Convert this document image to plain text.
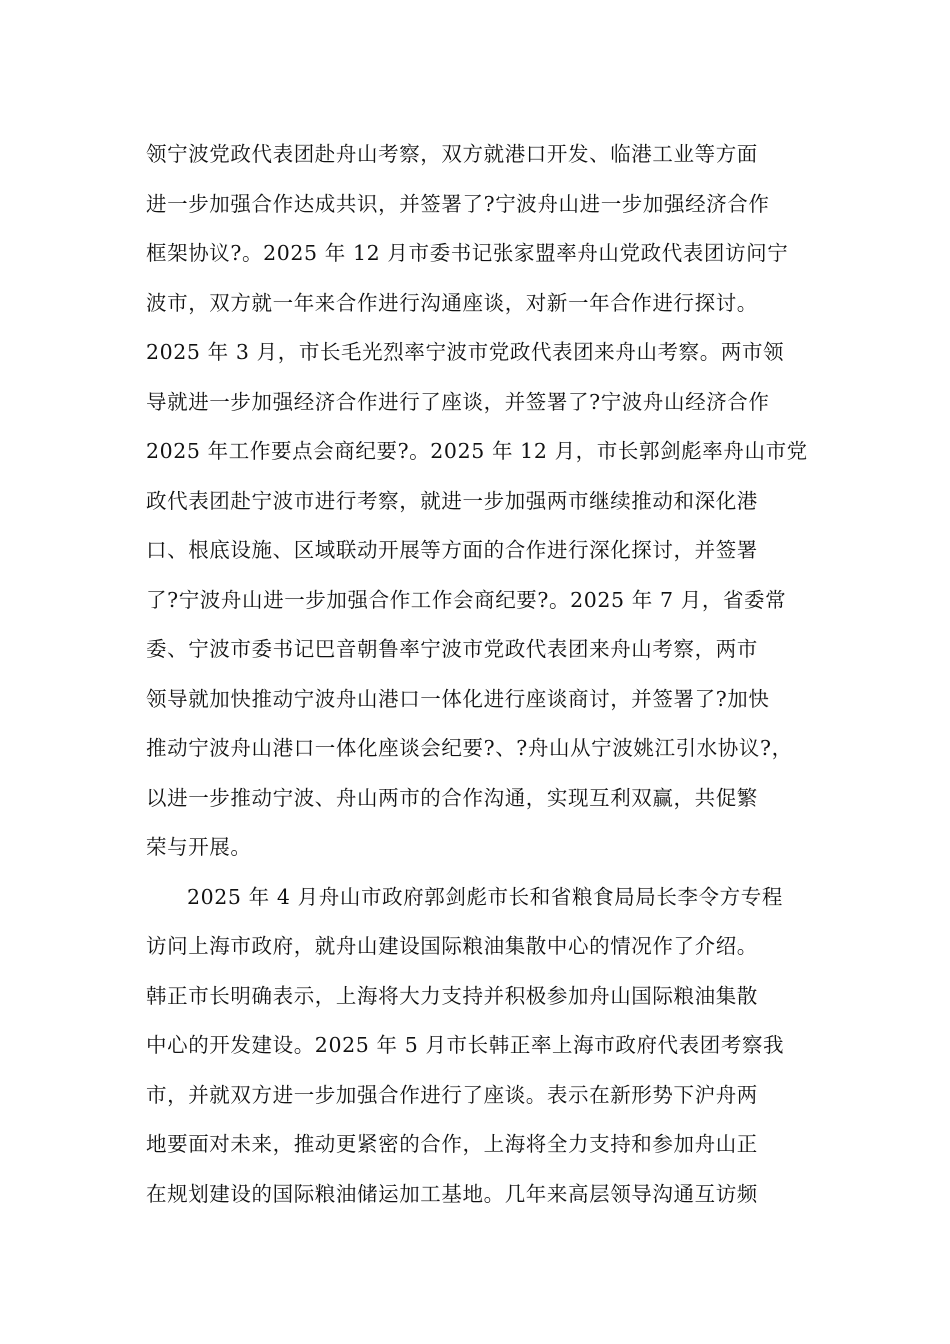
领宁波党政代表团赴舟山考察，双方就港口开发、临港工业等方面
进一步加强合作达成共识，并签署了?宁波舟山进一步加强经济合作
框架协议?。2025 年 12 月市委书记张家盟率舟山党政代表团访问宁
波市，双方就一年来合作进行沟通座谈，对新一年合作进行探讨。
2025 年 3 月，市长毛光烈率宁波市党政代表团来舟山考察。两市领
导就进一步加强经济合作进行了座谈，并签署了?宁波舟山经济合作
2025 年工作要点会商纪要?。2025 年 12 月，市长郭剑彪率舟山市党
政代表团赴宁波市进行考察，就进一步加强两市继续推动和深化港
口、根底设施、区域联动开展等方面的合作进行深化探讨，并签署
了?宁波舟山进一步加强合作工作会商纪要?。2025 年 7 月，省委常
委、宁波市委书记巴音朝鲁率宁波市党政代表团来舟山考察，两市
领导就加快推动宁波舟山港口一体化进行座谈商讨，并签署了?加快
推动宁波舟山港口一体化座谈会纪要?、?舟山从宁波姚江引水协议?，
以进一步推动宁波、舟山两市的合作沟通，实现互利双赢，共促繁
荣与开展。
2025 年 4 月舟山市政府郭剑彪市长和省粮食局局长李令方专程
访问上海市政府，就舟山建设国际粮油集散中心的情况作了介绍。
韩正市长明确表示，上海将大力支持并积极参加舟山国际粮油集散
中心的开发建设。2025 年 5 月市长韩正率上海市政府代表团考察我
市，并就双方进一步加强合作进行了座谈。表示在新形势下沪舟两
地要面对未来，推动更紧密的合作，上海将全力支持和参加舟山正
在规划建设的国际粮油储运加工基地。几年来高层领导沟通互访频
